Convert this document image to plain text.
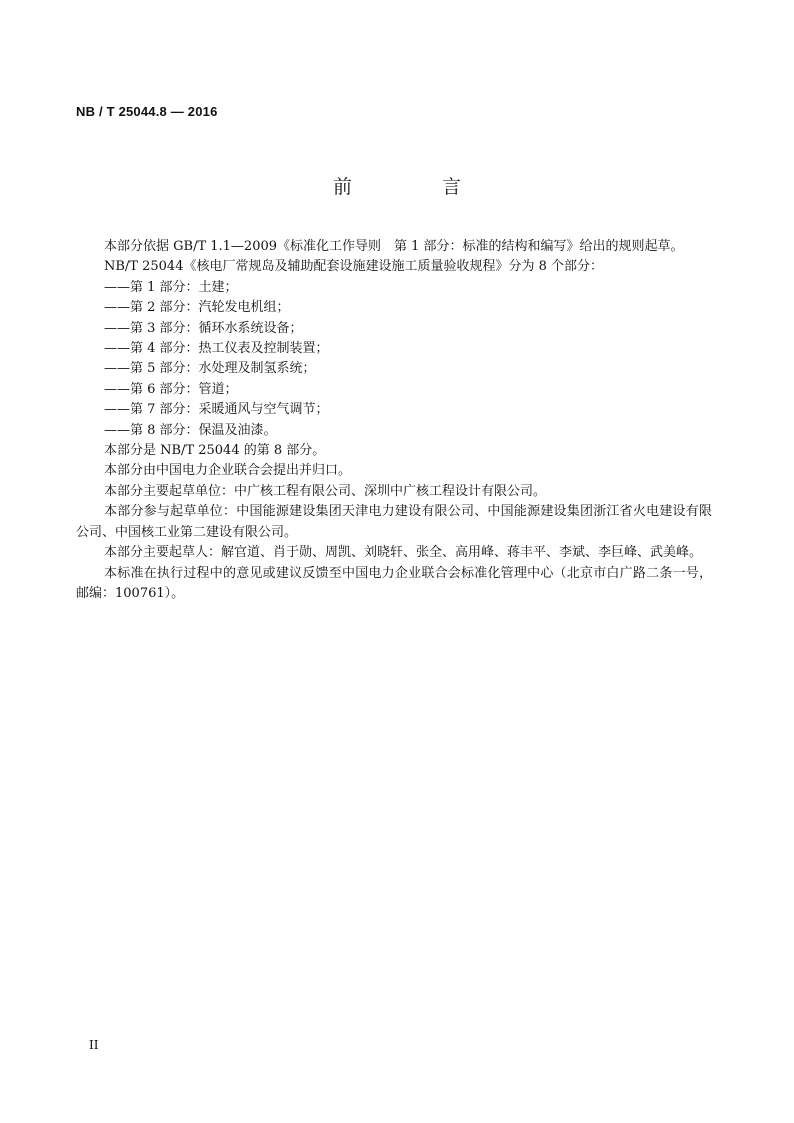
NB / T 25044.8 — 2016
前 言

本部分依据 GB/T 1.1—2009《标准化工作导则　第 1 部分：标准的结构和编写》给出的规则起草。

NB/T 25044《核电厂常规岛及辅助配套设施建设施工质量验收规程》分为 8 个部分：

——第 1 部分：土建；
——第 2 部分：汽轮发电机组；
——第 3 部分：循环水系统设备；
——第 4 部分：热工仪表及控制装置；
——第 5 部分：水处理及制氢系统；
——第 6 部分：管道；
——第 7 部分：采暖通风与空气调节；
——第 8 部分：保温及油漆。

本部分是 NB/T 25044 的第 8 部分。

本部分由中国电力企业联合会提出并归口。

本部分主要起草单位：中广核工程有限公司、深圳中广核工程设计有限公司。

本部分参与起草单位：中国能源建设集团天津电力建设有限公司、中国能源建设集团浙江省火电建设有限公司、中国核工业第二建设有限公司。

本部分主要起草人：解官道、肖于勋、周凯、刘晓轩、张全、高用峰、蒋丰平、李斌、李巨峰、武美峰。

本标准在执行过程中的意见或建议反馈至中国电力企业联合会标准化管理中心（北京市白广路二条一号，邮编：100761）。

II
